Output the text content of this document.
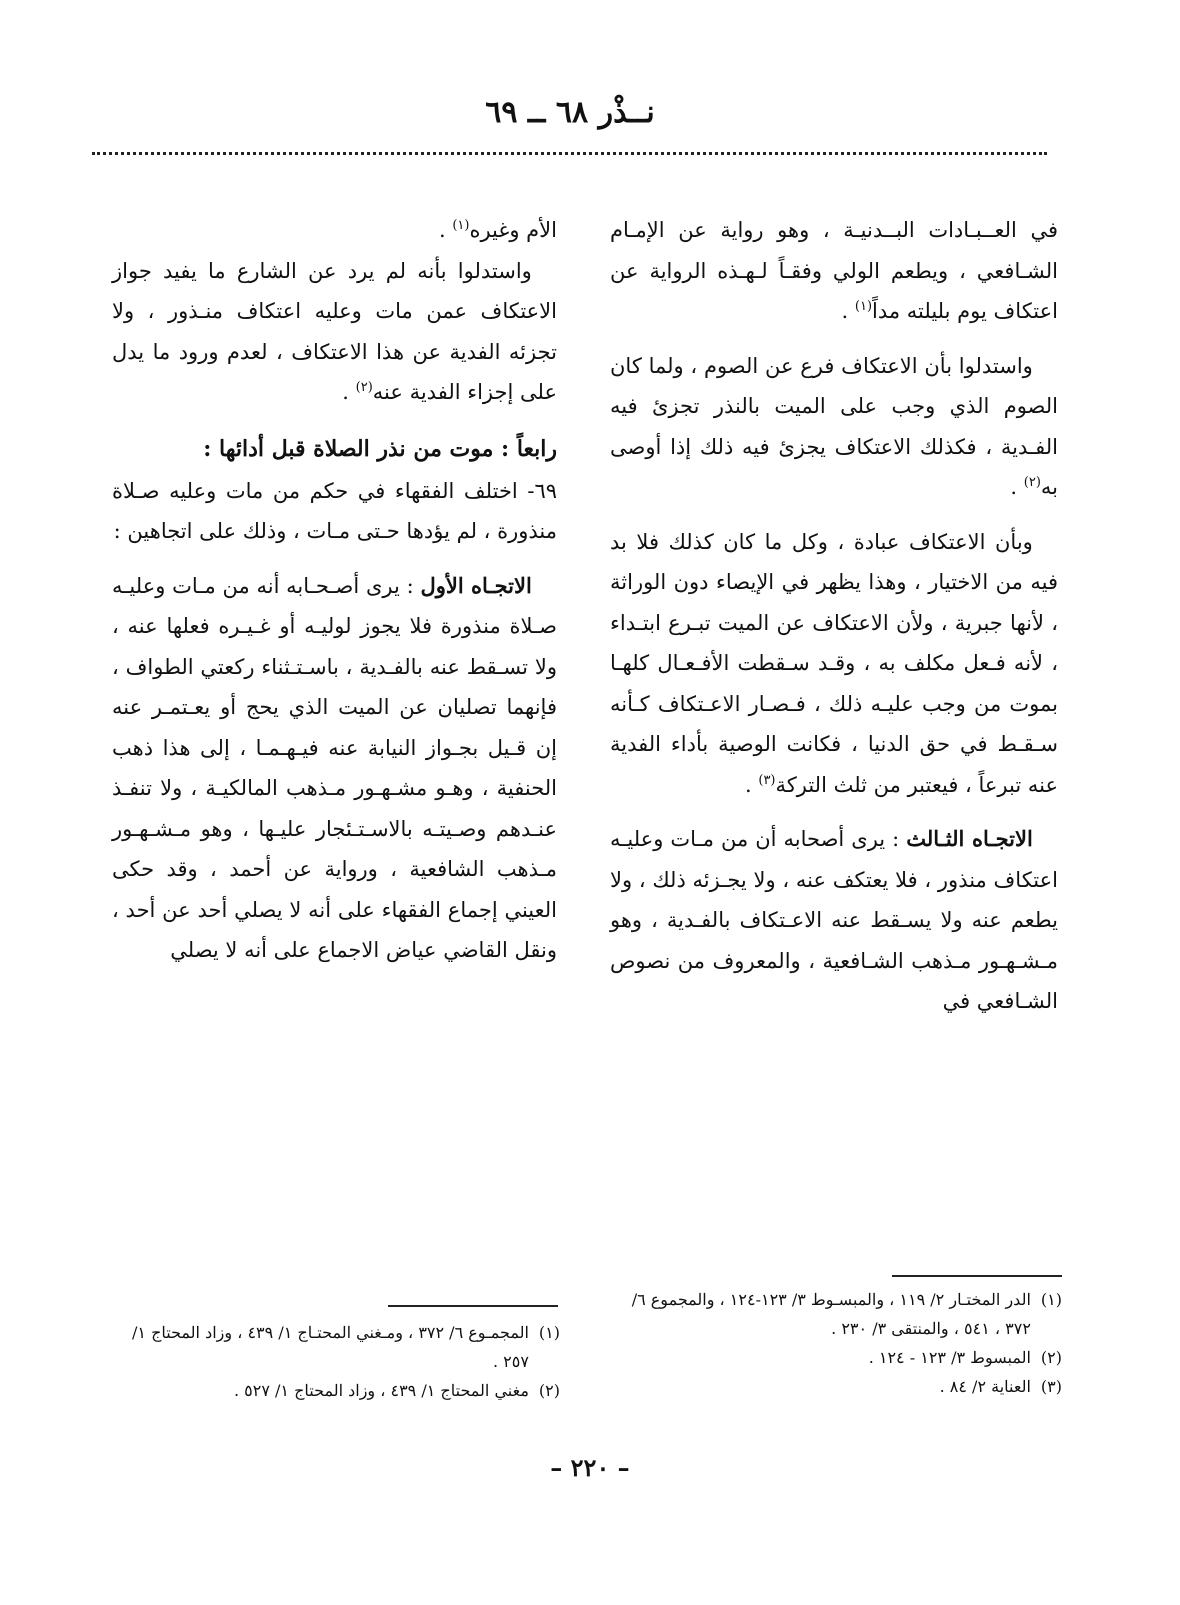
نــذْر ٦٨ ــ ٦٩

في العــبـادات البــدنيـة ، وهو رواية عن الإمـام الشـافعي ، ويطعم الولي وفقـاً لـهـذه الرواية عن اعتكاف يوم بليلته مداً$^{(١)}$ .

واستدلوا بأن الاعتكاف فرع عن الصوم ، ولما كان الصوم الذي وجب على الميت بالنذر تجزئ فيه الفـدية ، فكذلك الاعتكاف يجزئ فيه ذلك إذا أوصى به$^{(٢)}$ .

وبأن الاعتكاف عبادة ، وكل ما كان كذلك فلا بد فيه من الاختيار ، وهذا يظهر في الإيصاء دون الوراثة ، لأنها جبرية ، ولأن الاعتكاف عن الميت تبـرع ابتـداء ، لأنه فـعل مكلف به ، وقـد سـقطت الأفـعـال كلهـا بموت من وجب عليـه ذلك ، فـصـار الاعـتكاف كـأنه سـقـط في حق الدنيا ، فكانت الوصية بأداء الفدية عنه تبرعاً ، فيعتبر من ثلث التركة$^{(٣)}$ .

الاتجـاه الثـالث : يرى أصحابه أن من مـات وعليـه اعتكاف منذور ، فلا يعتكف عنه ، ولا يجـزئه ذلك ، ولا يطعم عنه ولا يسـقط عنه الاعـتكاف بالفـدية ، وهو مـشـهـور مـذهب الشـافعية ، والمعروف من نصوص الشـافعي في

الأم وغيره$^{(١)}$ .

واستدلوا بأنه لم يرد عن الشارع ما يفيد جواز الاعتكاف عمن مات وعليه اعتكاف منـذور ، ولا تجزئه الفدية عن هذا الاعتكاف ، لعدم ورود ما يدل على إجزاء الفدية عنه$^{(٢)}$ .

رابعاً : موت من نذر الصلاة قبل أدائها :

٦٩- اختلف الفقهاء في حكم من مات وعليه صـلاة منذورة ، لم يؤدها حـتى مـات ، وذلك على اتجاهين :

الاتجـاه الأول : يرى أصـحـابه أنه من مـات وعليـه صـلاة منذورة فلا يجوز لوليـه أو غـيـره فعلها عنه ، ولا تسـقط عنه بالفـدية ، باسـتـثناء ركعتي الطواف ، فإنهما تصليان عن الميت الذي يحج أو يعـتمـر عنه إن قـيل بجـواز النيابة عنه فيـهـمـا ، إلى هذا ذهب الحنفية ، وهـو مشـهـور مـذهب المالكيـة ، ولا تنفـذ عنـدهم وصـيتـه بالاسـتـئجار عليـها ، وهو مـشـهـور مـذهب الشافعية ، ورواية عن أحمد ، وقد حكى العيني إجماع الفقهاء على أنه لا يصلي أحد عن أحد ، ونقل القاضي عياض الاجماع على أنه لا يصلي

(١)
الدر المختـار ٢/ ١١٩ ، والمبسـوط ٣/ ١٢٣-١٢٤ ، والمجموع ٦/ ٣٧٢ ، ٥٤١ ، والمنتقى ٣/ ٢٣٠ .
(٢)
المبسوط ٣/ ١٢٣ - ١٢٤ .
(٣)
العناية ٢/ ٨٤ .
(١)
المجمـوع ٦/ ٣٧٢ ، ومـغني المحتـاج ١/ ٤٣٩ ، وزاد المحتاج ١/ ٢٥٧ .
(٢)
مغني المحتاج ١/ ٤٣٩ ، وزاد المحتاج ١/ ٥٢٧ .
– ٢٢٠ –
